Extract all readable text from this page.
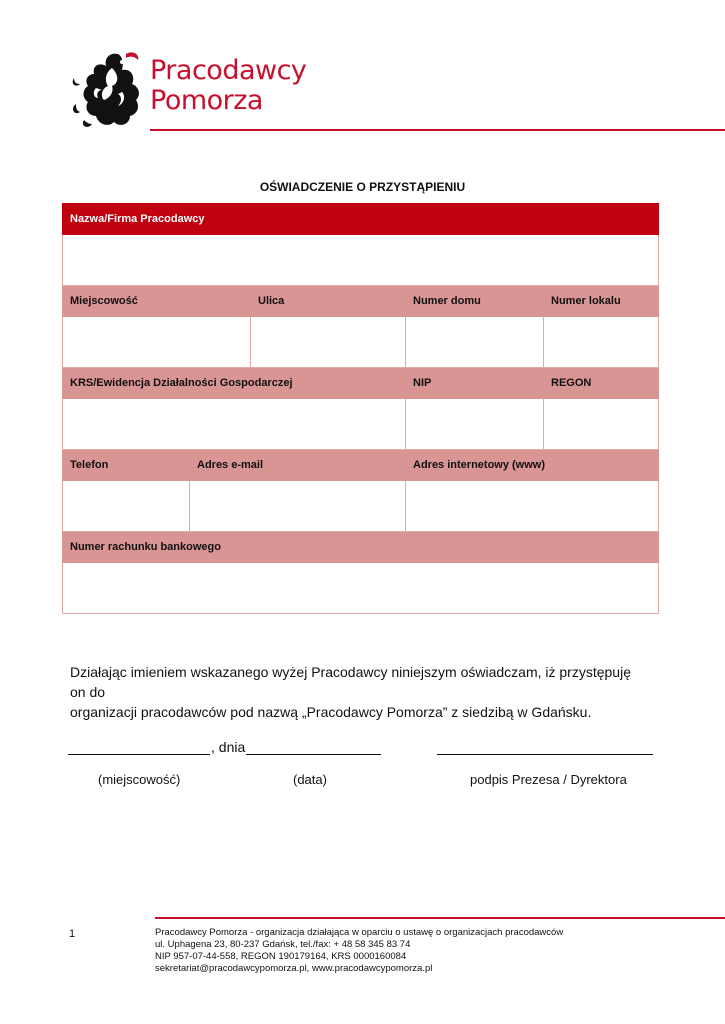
Pracodawcy
Pomorza
OŚWIADCZENIE O PRZYSTĄPIENIU
Nazwa/Firma Pracodawcy				

Miejscowość		Ulica	Numer domu	Numer lokalu

KRS/Ewidencja Działalności Gospodarczej			NIP	REGON

Telefon	Adres e-mail		Adres internetowy (www)	

Numer rachunku bankowego				

Działając imieniem wskazanego wyżej Pracodawcy niniejszym oświadczam, iż przystępuję on do
organizacji pracodawców pod nazwą „Pracodawcy Pomorza” z siedzibą w Gdańsku.
, dnia
(miejscowość)	(data)	podpis Prezesa / Dyrektora
1	Pracodawcy Pomorza - organizacja działająca w oparciu o ustawę o organizacjach pracodawców
ul. Uphagena 23, 80-237 Gdańsk, tel./fax: + 48 58 345 83 74
NIP 957-07-44-558, REGON 190179164, KRS 0000160084
sekretariat@pracodawcypomorza.pl, www.pracodawcypomorza.pl
